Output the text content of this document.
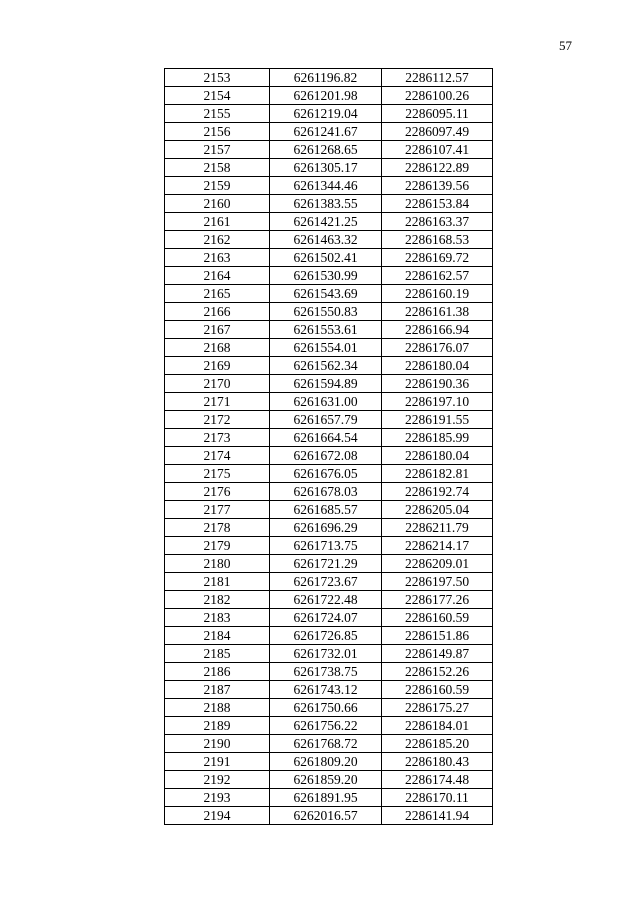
57
2153	6261196.82	2286112.57
2154	6261201.98	2286100.26
2155	6261219.04	2286095.11
2156	6261241.67	2286097.49
2157	6261268.65	2286107.41
2158	6261305.17	2286122.89
2159	6261344.46	2286139.56
2160	6261383.55	2286153.84
2161	6261421.25	2286163.37
2162	6261463.32	2286168.53
2163	6261502.41	2286169.72
2164	6261530.99	2286162.57
2165	6261543.69	2286160.19
2166	6261550.83	2286161.38
2167	6261553.61	2286166.94
2168	6261554.01	2286176.07
2169	6261562.34	2286180.04
2170	6261594.89	2286190.36
2171	6261631.00	2286197.10
2172	6261657.79	2286191.55
2173	6261664.54	2286185.99
2174	6261672.08	2286180.04
2175	6261676.05	2286182.81
2176	6261678.03	2286192.74
2177	6261685.57	2286205.04
2178	6261696.29	2286211.79
2179	6261713.75	2286214.17
2180	6261721.29	2286209.01
2181	6261723.67	2286197.50
2182	6261722.48	2286177.26
2183	6261724.07	2286160.59
2184	6261726.85	2286151.86
2185	6261732.01	2286149.87
2186	6261738.75	2286152.26
2187	6261743.12	2286160.59
2188	6261750.66	2286175.27
2189	6261756.22	2286184.01
2190	6261768.72	2286185.20
2191	6261809.20	2286180.43
2192	6261859.20	2286174.48
2193	6261891.95	2286170.11
2194	6262016.57	2286141.94
